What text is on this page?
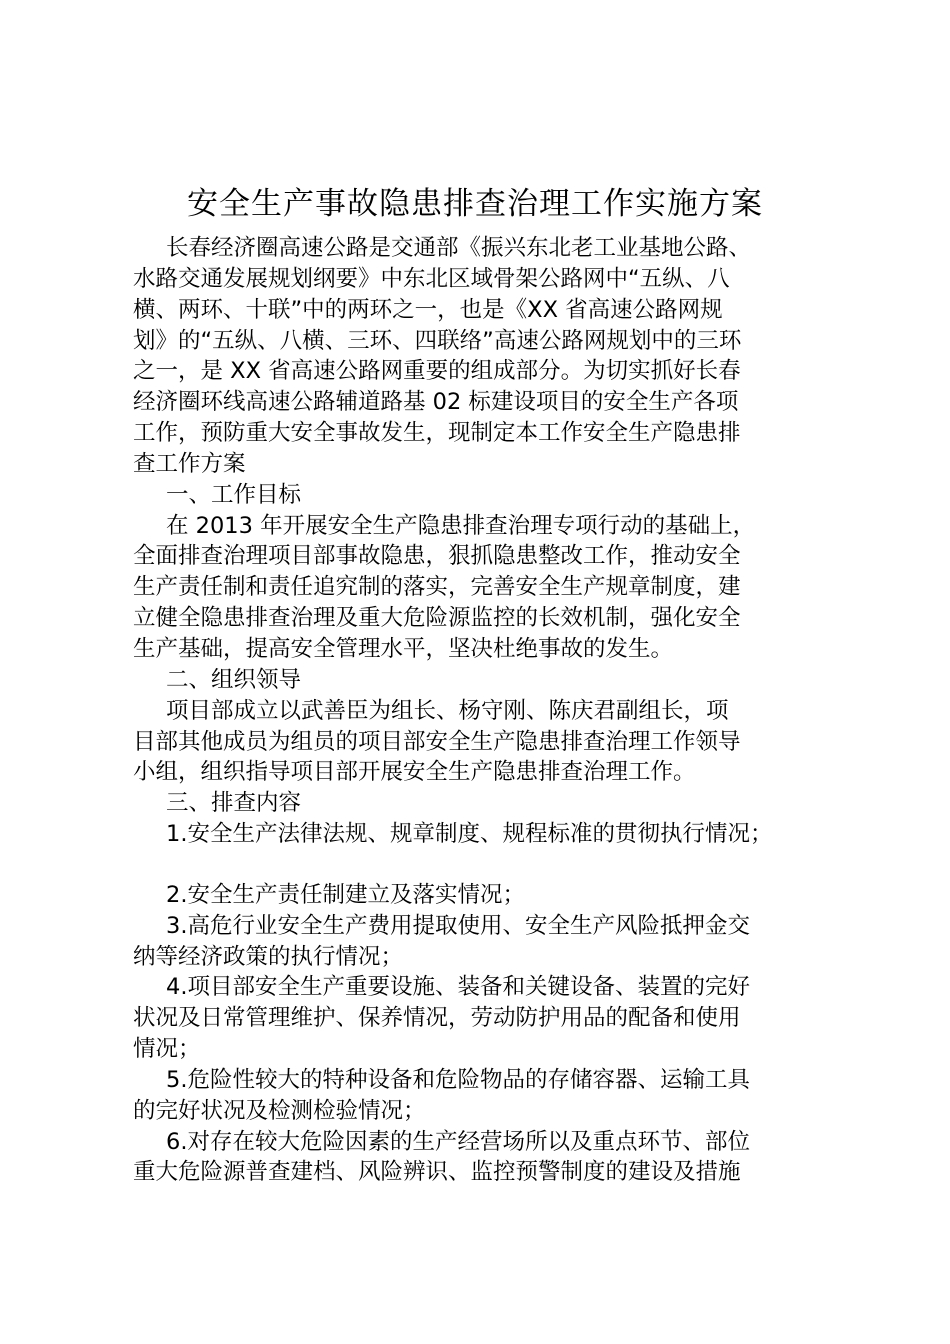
安全生产事故隐患排查治理工作实施方案
长春经济圈高速公路是交通部《振兴东北老工业基地公路、
水路交通发展规划纲要》中东北区域骨架公路网中“五纵、八
横、两环、十联”中的两环之一，也是《XX 省高速公路网规
划》的“五纵、八横、三环、四联络”高速公路网规划中的三环
之一，是 XX 省高速公路网重要的组成部分。为切实抓好长春
经济圈环线高速公路辅道路基 02 标建设项目的安全生产各项
工作，预防重大安全事故发生，现制定本工作安全生产隐患排
查工作方案
一、工作目标
在 2013 年开展安全生产隐患排查治理专项行动的基础上，
全面排查治理项目部事故隐患，狠抓隐患整改工作，推动安全
生产责任制和责任追究制的落实，完善安全生产规章制度，建
立健全隐患排查治理及重大危险源监控的长效机制，强化安全
生产基础，提高安全管理水平，坚决杜绝事故的发生。
二、组织领导
项目部成立以武善臣为组长、杨守刚、陈庆君副组长，项
目部其他成员为组员的项目部安全生产隐患排查治理工作领导
小组，组织指导项目部开展安全生产隐患排查治理工作。
三、排查内容
1.安全生产法律法规、规章制度、规程标准的贯彻执行情况；
2.安全生产责任制建立及落实情况；
3.高危行业安全生产费用提取使用、安全生产风险抵押金交
纳等经济政策的执行情况；
4.项目部安全生产重要设施、装备和关键设备、装置的完好
状况及日常管理维护、保养情况，劳动防护用品的配备和使用
情况；
5.危险性较大的特种设备和危险物品的存储容器、运输工具
的完好状况及检测检验情况；
6.对存在较大危险因素的生产经营场所以及重点环节、部位
重大危险源普查建档、风险辨识、监控预警制度的建设及措施
